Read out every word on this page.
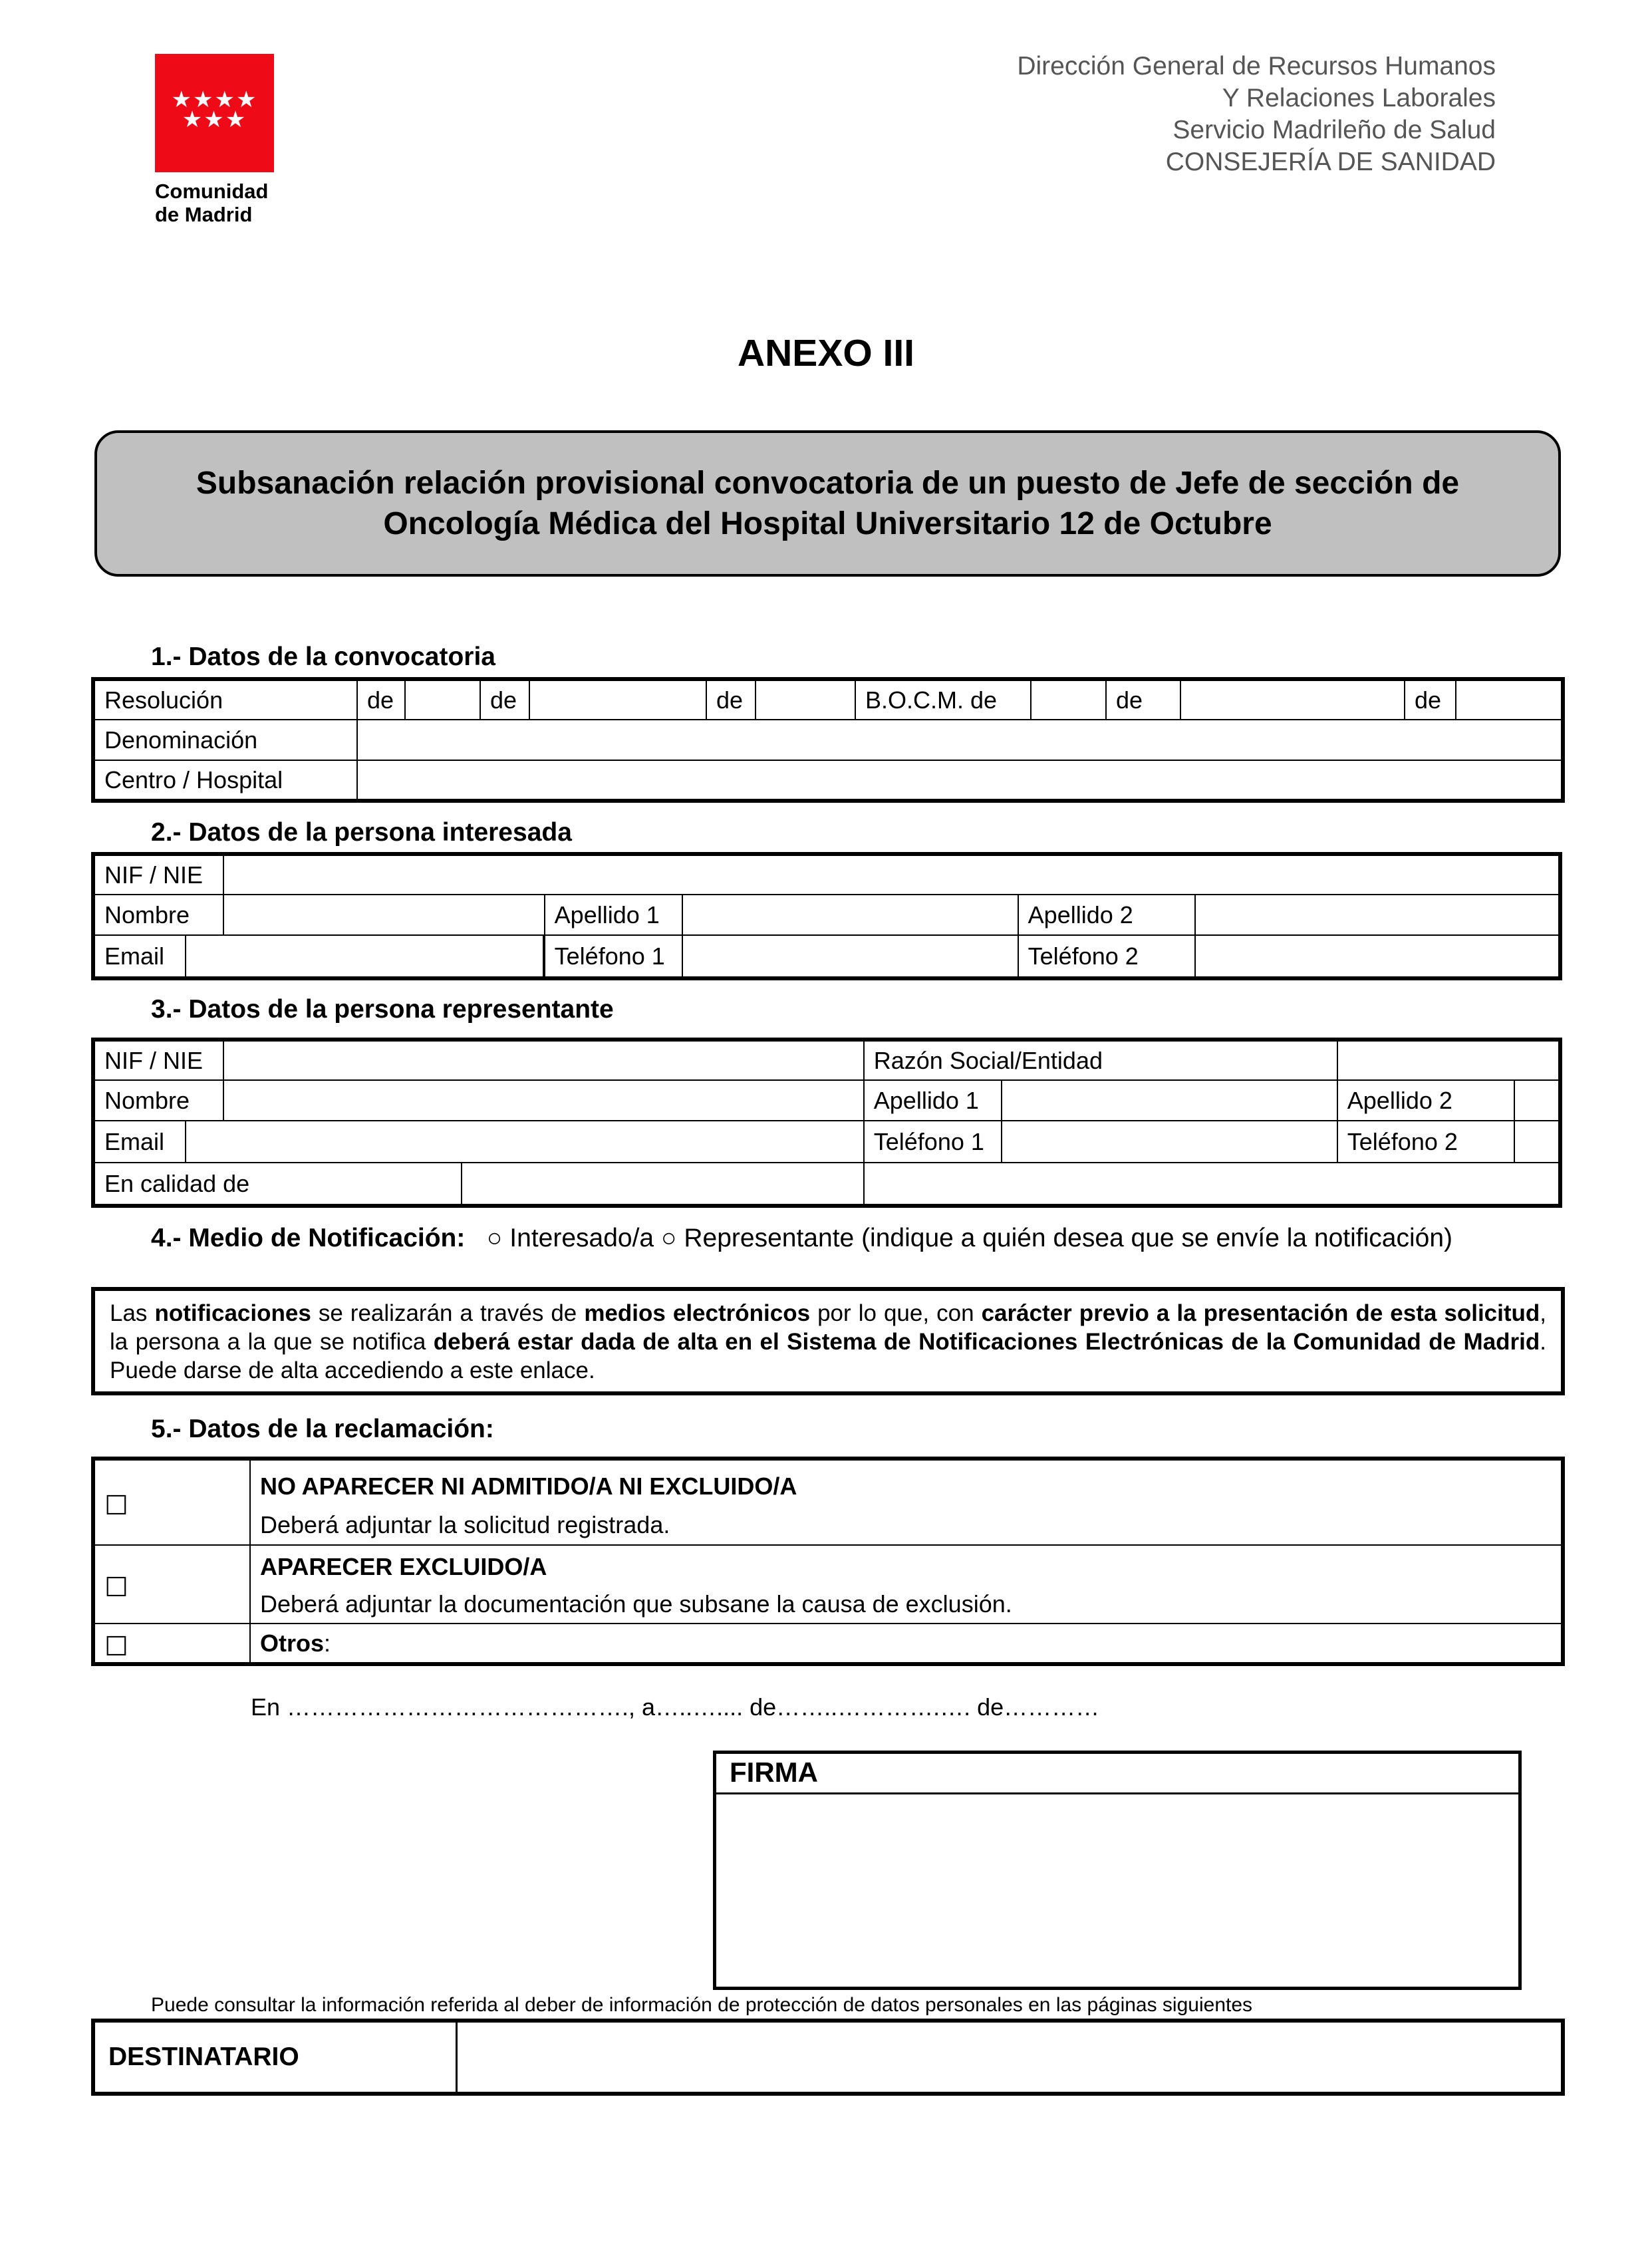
★★★★
★★★
Comunidad
de Madrid
Dirección General de Recursos Humanos
Y Relaciones Laborales
Servicio Madrileño de Salud
CONSEJERÍA DE SANIDAD
ANEXO III
Subsanación relación provisional convocatoria de un puesto de Jefe de sección de
Oncología Médica del Hospital Universitario 12 de Octubre
1.- Datos de la convocatoria
Resolución	de		de		de		B.O.C.M. de		de		de	
Denominación												
Centro / Hospital												
2.- Datos de la persona interesada
NIF / NIE						
Nombre			Apellido 1		Apellido 2	

Email			Teléfono 1		Teléfono 2	
3.- Datos de la persona representante
NIF / NIE		Razón Social/Entidad			
Nombre		Apellido 1		Apellido 2	

Email		Teléfono 1		Teléfono 2	

En calidad de					

4.- Medio de Notificación: ○ Interesado/a ○ Representante (indique a quién desea que se envíe la notificación)
Las notificaciones se realizarán a través de medios electrónicos por lo que, con carácter previo a la presentación de esta solicitud, la persona a la que se notifica deberá estar dada de alta en el Sistema de Notificaciones Electrónicas de la Comunidad de Madrid. Puede darse de alta accediendo a este enlace.
5.- Datos de la reclamación:
☐	NO APARECER NI ADMITIDO/A NI EXCLUIDO/A
Deberá adjuntar la solicitud registrada.
☐	APARECER EXCLUIDO/A
Deberá adjuntar la documentación que subsane la causa de exclusión.
☐	Otros:
En ……………………………………., a…..….... de……..………….…. de…………
FIRMA
Puede consultar la información referida al deber de información de protección de datos personales en las páginas siguientes
DESTINATARIO
